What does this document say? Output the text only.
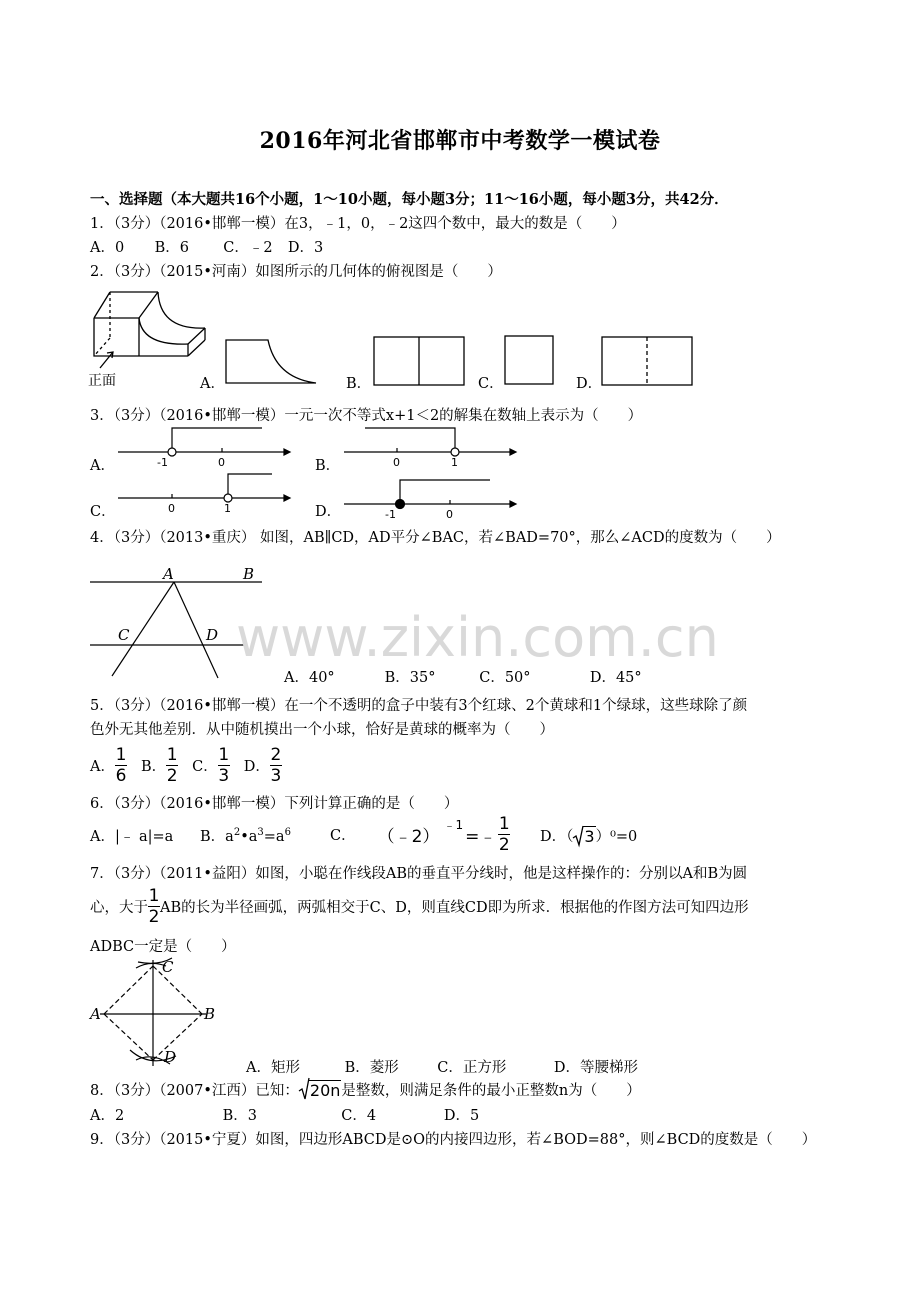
2016年河北省邯郸市中考数学一模试卷
一、选择题（本大题共16个小题，1～10小题，每小题3分；11～16小题，每小题3分，共42分．
1．（3分）（2016•邯郸一模）在3，﹣1，0，﹣2这四个数中，最大的数是（　　）
A．0 B．6 C．﹣2 D．3
2．（3分）（2015•河南）如图所示的几何体的俯视图是（　　）
正面	A．	B．	C．	D．
3．（3分）（2016•邯郸一模）一元一次不等式x+1＜2的解集在数轴上表示为（　　）
A．	B．
C．	D．
-1	0	0	1
0	1	-1	0
4．（3分）（2013•重庆） 如图，AB∥CD，AD平分∠BAC，若∠BAD=70°，那么∠ACD的度数为（　　）
A	B
C	D www.zixin.com.cn
A．40°	B．35°	C．50°	D．45°
5．（3分）（2016•邯郸一模）在一个不透明的盒子中装有3个红球、2个黄球和1个绿球，这些球除了颜
色外无其他差别．从中随机摸出一个小球，恰好是黄球的概率为（　　）
A． $\frac{1}{6}$ B． $\frac{1}{2}$ C． $\frac{1}{3}$ D． $\frac{2}{3}$
6．（3分）（2016•邯郸一模）下列计算正确的是（　　）
A．|﹣ a|=a B．$a^2•a^3=a^6$	C． （﹣2）
﹣1
=﹣ $\frac{1}{2}$ D．（ 3 ）⁰=0
7．（3分）（2011•益阳）如图，小聪在作线段AB的垂直平分线时，他是这样操作的：分别以A和B为圆
心，大于 $\frac{1}{2}$ AB的长为半径画弧，两弧相交于C、D，则直线CD即为所求．根据他的作图方法可知四边形
ADBC一定是（　　）
A	B
C
D
A．矩形	B．菱形	C．正方形	D．等腰梯形
8．（3分）（2007•江西）已知： 20n 是整数，则满足条件的最小正整数n为（　　）
A．2	B．3	C．4	D．5
9．（3分）（2015•宁夏）如图，四边形ABCD是⊙O的内接四边形，若∠BOD=88°，则∠BCD的度数是（　　）
